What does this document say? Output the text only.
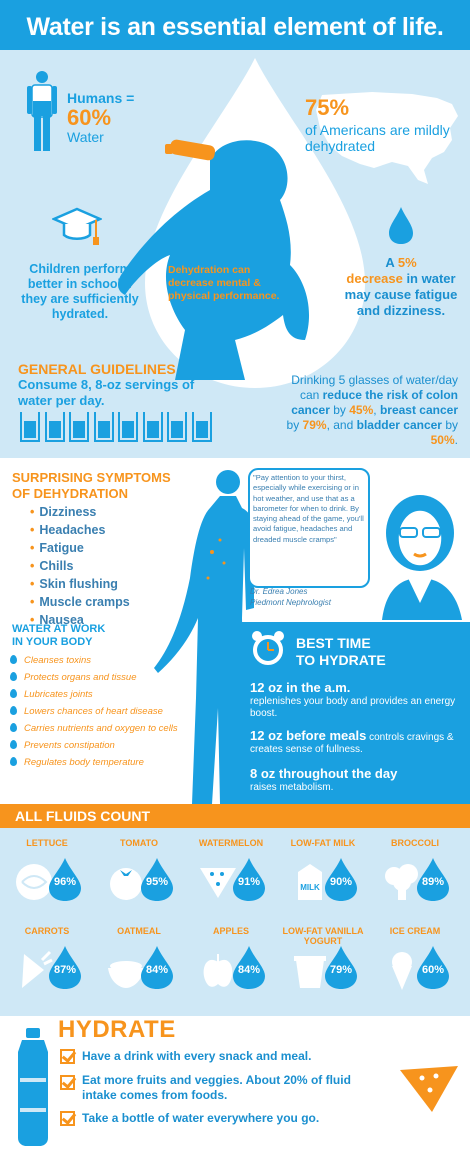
Water is an essential element of life.
Humans =
60%
Water
75%
of Americans are mildly dehydrated
Children perform better in school if they are sufficiently hydrated.
Dehydration can decrease mental & physical performance.
A 5%
decrease in water may cause fatigue and dizziness.
GENERAL GUIDELINES
Consume 8, 8-oz servings of water per day.
Drinking 5 glasses of water/day can reduce the risk of colon cancer by 45%, breast cancer by 79%, and bladder cancer by 50%.
SURPRISING SYMPTOMS
OF DEHYDRATION
• Dizziness
• Headaches
• Fatigue
• Chills
• Skin flushing
• Muscle cramps
• Nausea
"Pay attention to your thirst, especially while exercising or in hot weather, and use that as a barometer for when to drink. By staying ahead of the game, you'll avoid fatigue, headaches and dreaded muscle cramps"
Dr. Edrea Jones
Piedmont Nephrologist
WATER AT WORK
IN YOUR BODY
Cleanses toxins
Protects organs and tissue
Lubricates joints
Lowers chances of heart disease
Carries nutrients and oxygen to cells
Prevents constipation
Regulates body temperature
BEST TIME
TO HYDRATE
12 oz in the a.m.
replenishes your body and provides an energy boost.
12 oz before meals controls cravings & creates sense of fullness.
8 oz throughout the day
raises metabolism.
ALL FLUIDS COUNT
LETTUCE
96%
TOMATO
95%
WATERMELON
91%
LOW-FAT MILK
MILK 90%
BROCCOLI
89%
CARROTS
87%
OATMEAL
84%
APPLES
84%
LOW-FAT VANILLA YOGURT
79%
ICE CREAM
60%
HYDRATE
Have a drink with every snack and meal.
Eat more fruits and veggies. About 20% of fluid intake comes from foods.
Take a bottle of water everywhere you go.
